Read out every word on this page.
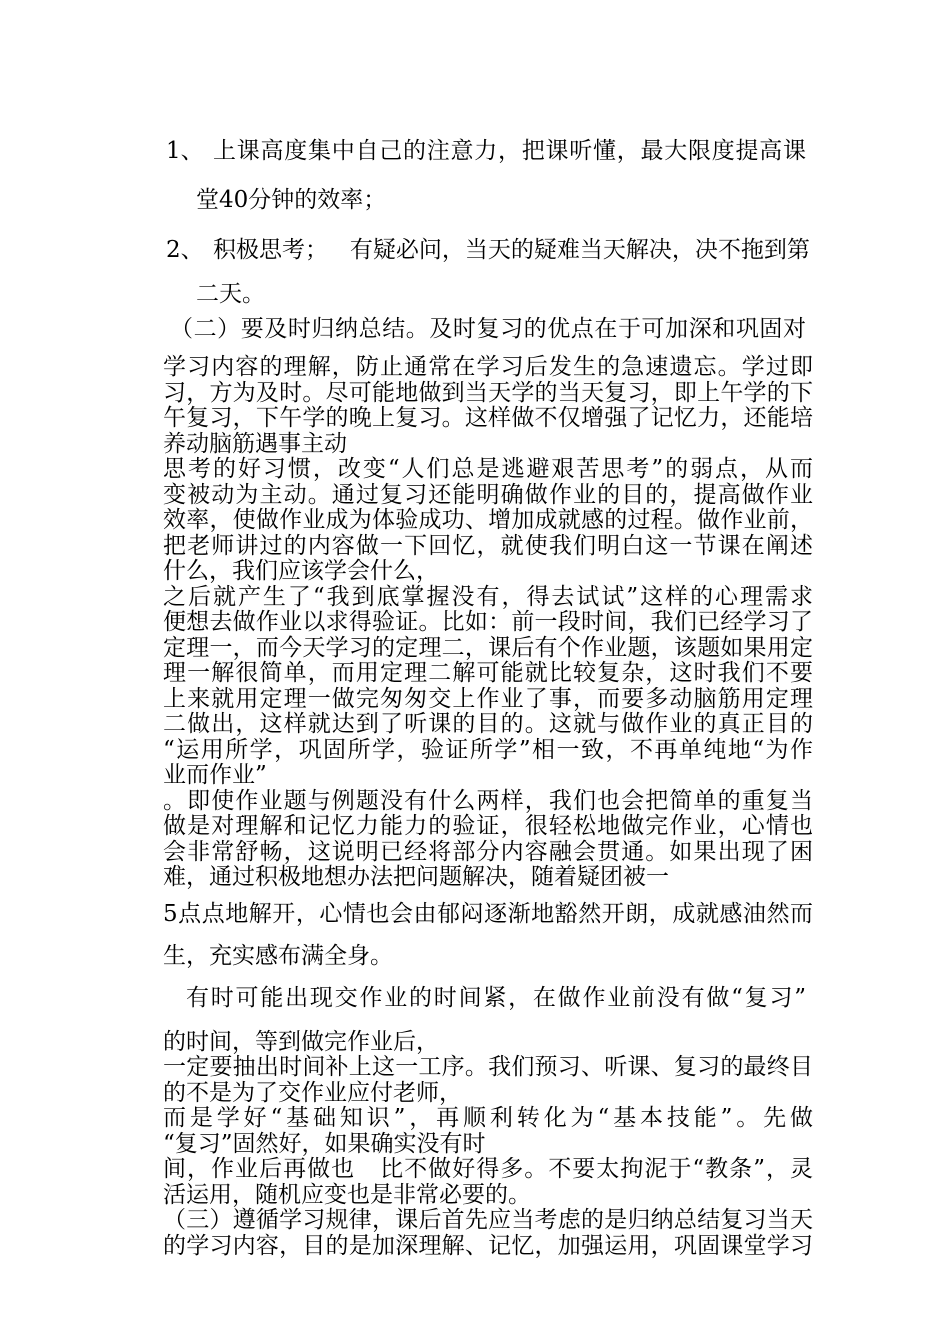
1、 上课高度集中自己的注意力，把课听懂，最大限度提高课
堂40分钟的效率；
2、 积极思考；   有疑必问，当天的疑难当天解决，决不拖到第
二天。
（二）要及时归纳总结。及时复习的优点在于可加深和巩固对
学习内容的理解，防止通常在学习后发生的急速遗忘。学过即
习，方为及时。尽可能地做到当天学的当天复习，即上午学的下
午复习，下午学的晚上复习。这样做不仅增强了记忆力，还能培
养动脑筋遇事主动
思考的好习惯，改变“人们总是逃避艰苦思考”的弱点，从而
变被动为主动。通过复习还能明确做作业的目的，提高做作业
效率，使做作业成为体验成功、增加成就感的过程。做作业前，
把老师讲过的内容做一下回忆，就使我们明白这一节课在阐述
什么，我们应该学会什么，
之后就产生了“我到底掌握没有，得去试试”这样的心理需求
便想去做作业以求得验证。比如：前一段时间，我们已经学习了
定理一，而今天学习的定理二，课后有个作业题，该题如果用定
理一解很简单，而用定理二解可能就比较复杂，这时我们不要
上来就用定理一做完匆匆交上作业了事，而要多动脑筋用定理
二做出，这样就达到了听课的目的。这就与做作业的真正目的
“运用所学，巩固所学，验证所学”相一致，不再单纯地“为作
业而作业”
。即使作业题与例题没有什么两样，我们也会把简单的重复当
做是对理解和记忆力能力的验证，很轻松地做完作业，心情也
会非常舒畅，这说明已经将部分内容融会贯通。如果出现了困
难，通过积极地想办法把问题解决，随着疑团被一
5点点地解开，心情也会由郁闷逐渐地豁然开朗，成就感油然而
生，充实感布满全身。
有时可能出现交作业的时间紧，在做作业前没有做“复习”
的时间，等到做完作业后，
一定要抽出时间补上这一工序。我们预习、听课、复习的最终目
的不是为了交作业应付老师，
而是学好“基础知识”，再顺利转化为“基本技能”。先做
“复习”固然好，如果确实没有时
间，作业后再做也   比不做好得多。不要太拘泥于“教条”，灵
活运用，随机应变也是非常必要的。
（三）遵循学习规律，课后首先应当考虑的是归纳总结复习当天
的学习内容，目的是加深理解、记忆，加强运用，巩固课堂学习
